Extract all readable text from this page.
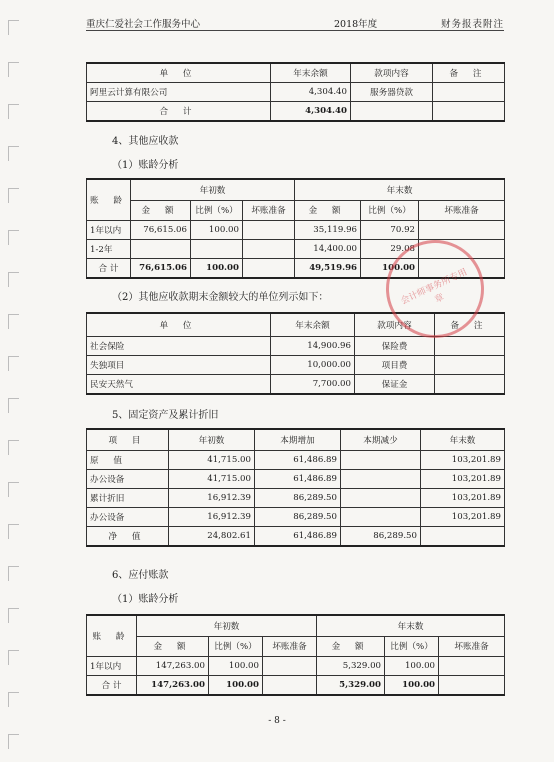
重庆仁爱社会工作服务中心	2018年度	财务报表附注
单 位	年末余额	款项内容	备 注
阿里云计算有限公司	4,304.40	服务器贷款	
合 计	4,304.40		
4、其他应收款
（1）账龄分析
账 龄	年初数			年末数		
	金 额	比例（%）	坏账准备	金 额	比例（%）	坏账准备
1年以内	76,615.06	100.00		35,119.96	70.92	
1-2年				14,400.00	29.08	
合 计	76,615.06	100.00		49,519.96	100.00	
（2）其他应收款期末金额较大的单位列示如下：
单 位	年末余额	款项内容	备 注
社会保险	14,900.96	保险费	
失独项目	10,000.00	项目费	
民安天然气	7,700.00	保证金	
5、固定资产及累计折旧
项 目	年初数	本期增加	本期减少	年末数
原 值	41,715.00	61,486.89		103,201.89
办公设备	41,715.00	61,486.89		103,201.89
累计折旧	16,912.39	86,289.50		103,201.89
办公设备	16,912.39	86,289.50		103,201.89
净 值	24,802.61	61,486.89	86,289.50	
6、应付账款
（1）账龄分析
账 龄	年初数			年末数		
	金 额	比例（%）	坏账准备	金 额	比例（%）	坏账准备
1年以内	147,263.00	100.00		5,329.00	100.00	
合 计	147,263.00	100.00		5,329.00	100.00	
会计师事务所专用章
- 8 -
